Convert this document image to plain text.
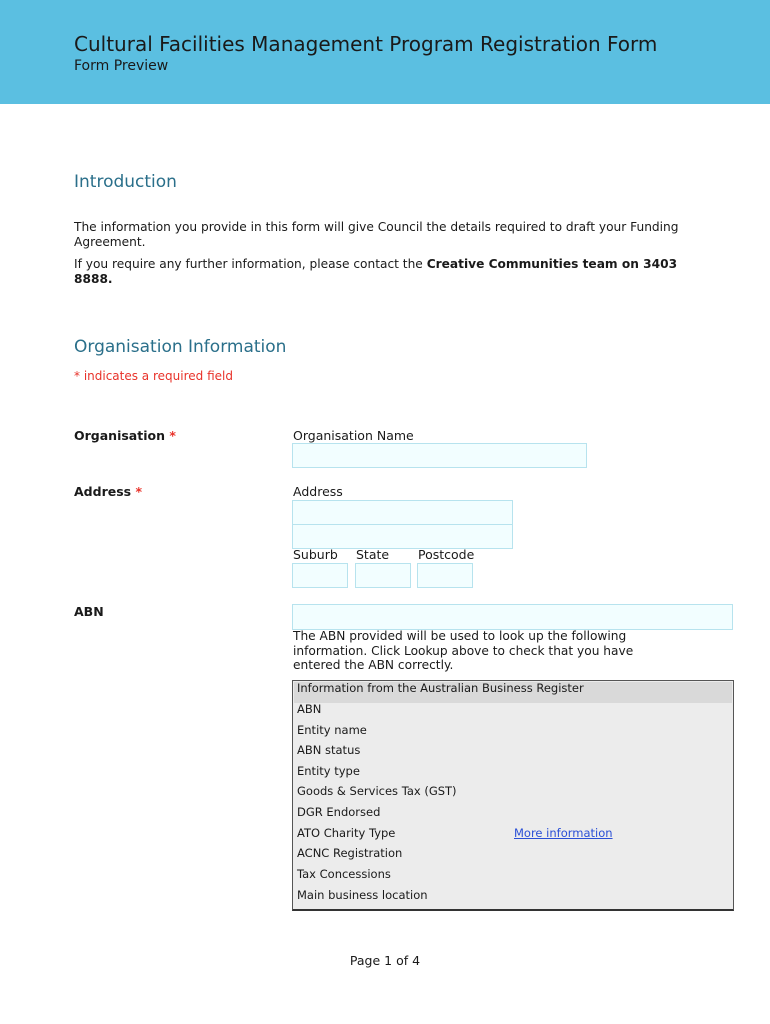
Cultural Facilities Management Program Registration Form
Form Preview
Introduction
The information you provide in this form will give Council the details required to draft your Funding Agreement.
If you require any further information, please contact the Creative Communities team on 3403 8888.
Organisation Information
* indicates a required field
Organisation *	Organisation Name
Address *	Address
Suburb State Postcode
ABN
The ABN provided will be used to look up the following information. Click Lookup above to check that you have entered the ABN correctly.
Information from the Australian Business Register
ABN
Entity name
ABN status
Entity type
Goods & Services Tax (GST)
DGR Endorsed
ATO Charity Type	More information
ACNC Registration
Tax Concessions
Main business location
Page 1 of 4
